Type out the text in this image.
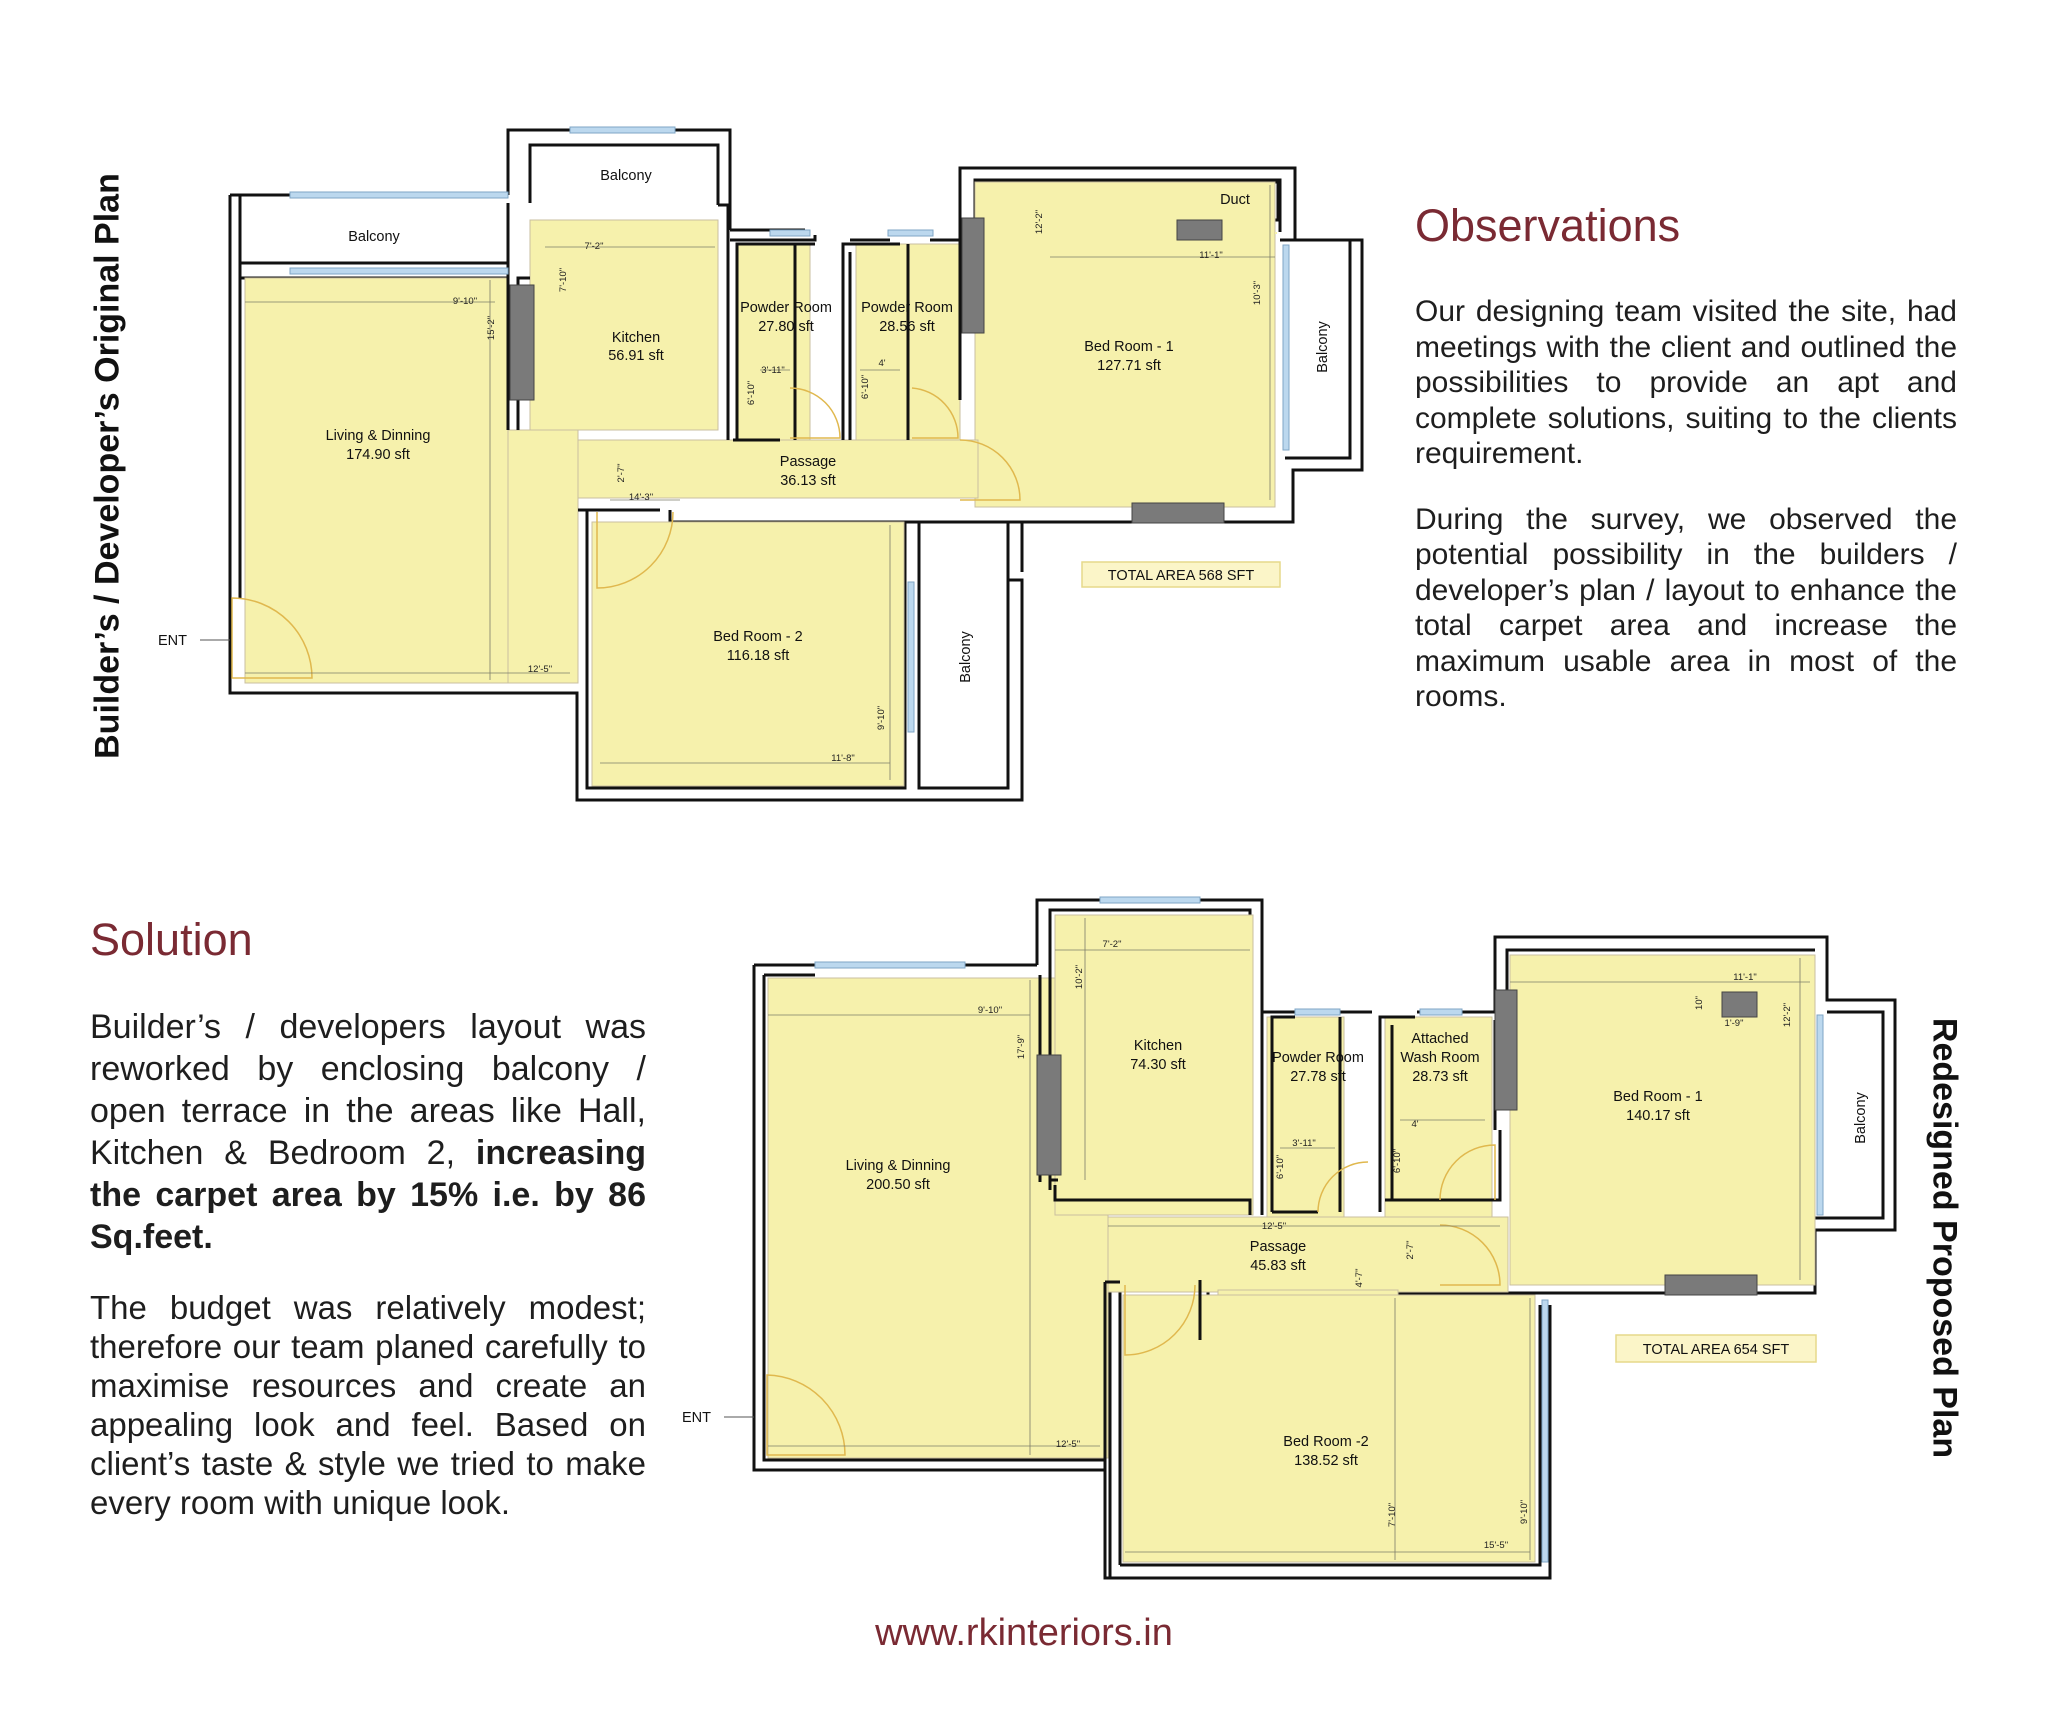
Balcony
Balcony
Kitchen
56.91 sft
Powder Room
27.80 sft
Powder Room
28.56 sft
Duct
Bed Room - 1
127.71 sft	Balcony
Living & Dinning
174.90 sft	Passage
36.13 sft
Bed Room - 2
116.18 sft	Balcony
9'-10"
15'-2"
7'-2"
7'-10"
3'-11"
6'-10"
4'
6'-10"
12'-2"
11'-1"
10'-3"
2'-7"
14'-3"
12'-5"
9'-10"
11'-8"
ENT
TOTAL AREA 568 SFT
Living & Dinning
200.50 sft
Kitchen
74.30 sft	Powder Room
27.78 sft
Attached
Wash Room
28.73 sft
Bed Room - 1
140.17 sft	Balcony
Passage
45.83 sft
Bed Room -2
138.52 sft
9'-10"
17'-9"
7'-2"
10'-2"
3'-11"
6'-10"
4'
6'-10"
11'-1"
1'-9"
10"	12'-2"
12'-5"
2'-7"
4'-7"
12'-5"
7'-10"	9'-10"
15'-5"
ENT
TOTAL AREA 654 SFT
Builder’s / Developer’s Original Plan
Redesigned Proposed Plan
Observations

Our designing team visited the site, had meetings with the client and outlined the possibilities to provide an apt and complete solutions, suiting to the clients requirement.

During the survey, we observed the potential possibility in the builders / developer’s plan / layout to enhance the total carpet area and increase the maximum usable area in most of the rooms.

Solution

Builder’s / developers layout was reworked by enclosing balcony / open terrace in the areas like Hall, Kitchen & Bedroom 2, increasing the carpet area by 15% i.e. by 86 Sq.feet.

The budget was relatively modest; therefore our team planed carefully to maximise resources and create an appealing look and feel. Based on client’s taste & style we tried to make every room with unique look.

www.rkinteriors.in
